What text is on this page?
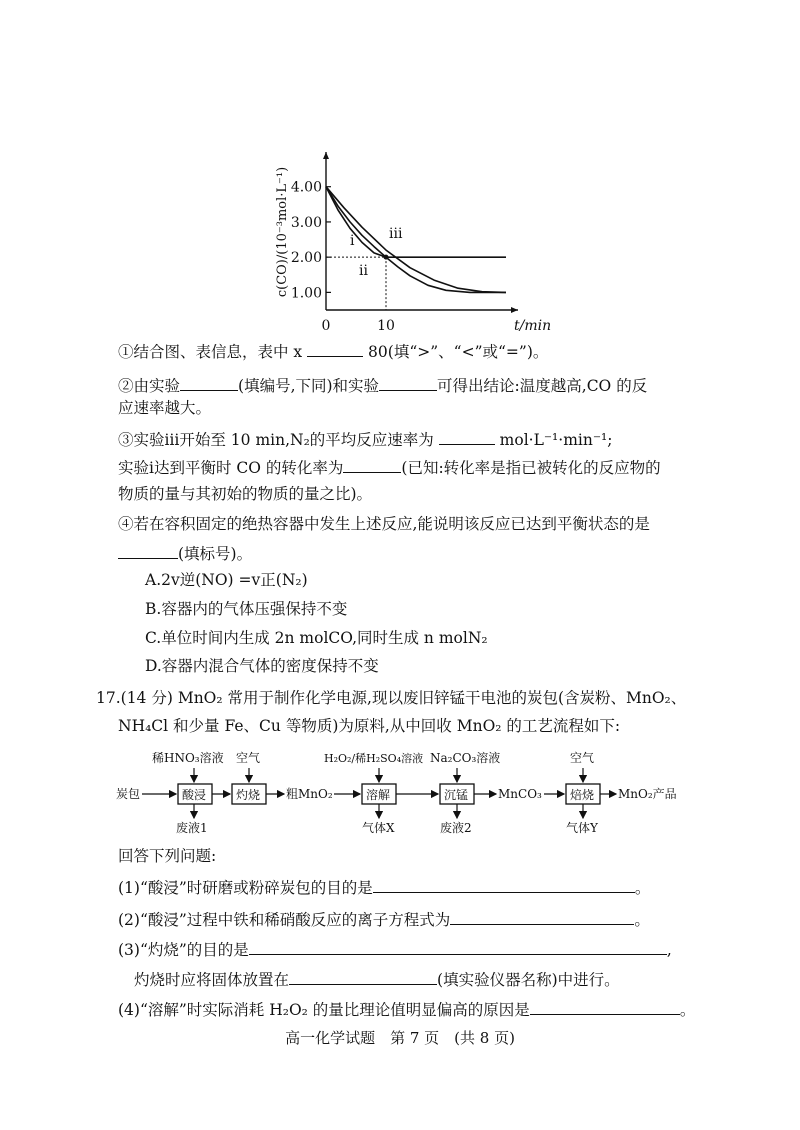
4.00
3.00
2.00
1.00
0	10
i
ii
iii
t/min
c(CO)/(10⁻³mol·L⁻¹)
①结合图、表信息，表中 x	80(填“>”、“<”或“=”)。
②由实验	(填编号,下同)和实验	可得出结论:温度越高,CO 的反
应速率越大。
③实验ⅲ开始至 10 min,N₂的平均反应速率为	mol·L⁻¹·min⁻¹;
实验ⅰ达到平衡时 CO 的转化率为	(已知:转化率是指已被转化的反应物的
物质的量与其初始的物质的量之比)。
④若在容积固定的绝热容器中发生上述反应,能说明该反应已达到平衡状态的是
(填标号)。
A.2v逆(NO) =v正(N₂)
B.容器内的气体压强保持不变
C.单位时间内生成 2n molCO,同时生成 n molN₂
D.容器内混合气体的密度保持不变
17.(14 分) MnO₂ 常用于制作化学电源,现以废旧锌锰干电池的炭包(含炭粉、MnO₂、
NH₄Cl 和少量 Fe、Cu 等物质)为原料,从中回收 MnO₂ 的工艺流程如下:
炭包
稀HNO₃溶液
酸浸
废液1
空气
灼烧 粗MnO₂
H₂O₂/稀H₂SO₄溶液
溶解
气体X
Na₂CO₃溶液
沉锰
废液2
MnCO₃
空气
焙烧
气体Y
MnO₂产品
回答下列问题:
(1)“酸浸”时研磨或粉碎炭包的目的是	。
(2)“酸浸”过程中铁和稀硝酸反应的离子方程式为	。
(3)“灼烧”的目的是	,
灼烧时应将固体放置在	(填实验仪器名称)中进行。
(4)“溶解”时实际消耗 H₂O₂ 的量比理论值明显偏高的原因是	。
高一化学试题　第 7 页　(共 8 页)
